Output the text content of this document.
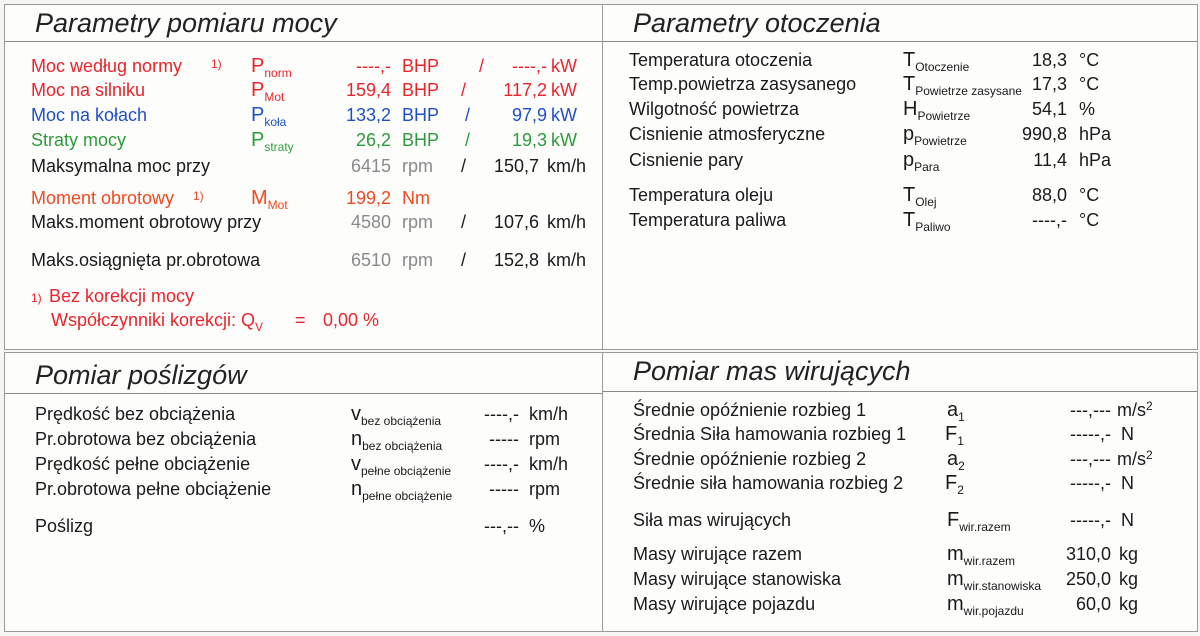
Parametry pomiaru mocy
Moc według normy 1) $P_{norm}$	----,- BHP /	----,- kW
Moc na silniku	$P_{Mot}$	159,4 BHP /	117,2 kW
Moc na kołach	$P_{koła}$	133,2 BHP /	97,9 kW
Straty mocy	$P_{straty}$	26,2 BHP /	19,3 kW
Maksymalna moc przy	6415 rpm /	150,7 km/h
Moment obrotowy 1) $M_{Mot}$	199,2 Nm
Maks.moment obrotowy przy	4580 rpm /	107,6 km/h
Maks.osiągnięta pr.obrotowa	6510 rpm /	152,8 km/h
1) Bez korekcji mocy
Współczynniki korekcji: $Q_V = 0,00$ %
Parametry otoczenia
Temperatura otoczenia	$T_{Otoczenie}$	18,3 °C
Temp.powietrza zasysanego $T_{Powietrze zasysane}$ 17,3 °C
Wilgotność powietrza	$H_{Powietrze}$	54,1 %
Cisnienie atmosferyczne	$p_{Powietrze}$	990,8 hPa
Cisnienie pary	$p_{Para}$	11,4 hPa
Temperatura oleju	$T_{Olej}$	88,0 °C
Temperatura paliwa	$T_{Paliwo}$	----,- °C
Pomiar poślizgów
Prędkość bez obciążenia	$v_{bez obciążenia}$	----,- km/h
Pr.obrotowa bez obciążenia	$n_{bez obciążenia}$	----- rpm
Prędkość pełne obciążenie	$v_{pełne obciążenie}$	----,- km/h
Pr.obrotowa pełne obciążenie	$n_{pełne obciążenie}$	----- rpm
Poślizg	---,-- %
Pomiar mas wirujących
Średnie opóźnienie rozbieg 1	$a_1$	---,--- $m/s^2$
Średnia Siła hamowania rozbieg 1 $F_1$	-----,- N
Średnie opóźnienie rozbieg 2	$a_2$	---,--- $m/s^2$
Średnie siła hamowania rozbieg 2 $F_2$	-----,- N
Siła mas wirujących	$F_{wir.razem}$	-----,- N
Masy wirujące razem	$m_{wir.razem}$	310,0 kg
Masy wirujące stanowiska	$m_{wir.stanowiska}$	250,0 kg
Masy wirujące pojazdu	$m_{wir.pojazdu}$	60,0 kg
